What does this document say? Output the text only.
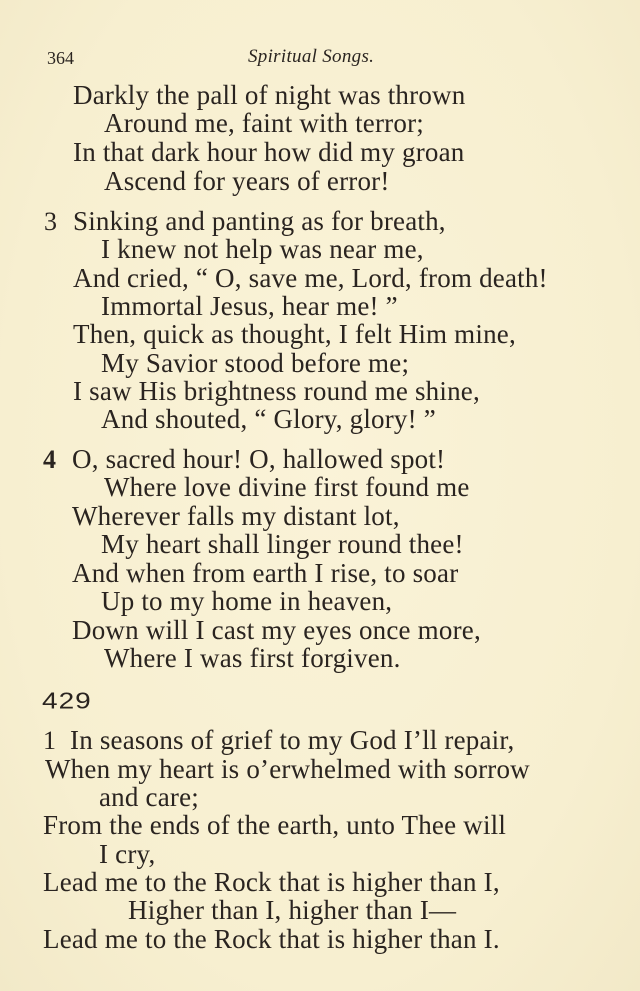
364	Spiritual Songs.
Darkly the pall of night was thrown
Around me, faint with terror;
In that dark hour how did my groan
Ascend for years of error!
3 Sinking and panting as for breath,
I knew not help was near me,
And cried, “ O, save me, Lord, from death!
Immortal Jesus, hear me! ”
Then, quick as thought, I felt Him mine,
My Savior stood before me;
I saw His brightness round me shine,
And shouted, “ Glory, glory! ”
4 O, sacred hour! O, hallowed spot!
Where love divine first found me
Wherever falls my distant lot,
My heart shall linger round thee!
And when from earth I rise, to soar
Up to my home in heaven,
Down will I cast my eyes once more,
Where I was first forgiven.
429
1 In seasons of grief to my God I’ll repair,
When my heart is o’erwhelmed with sorrow
and care;
From the ends of the earth, unto Thee will
I cry,
Lead me to the Rock that is higher than I,
Higher than I, higher than I—
Lead me to the Rock that is higher than I.
